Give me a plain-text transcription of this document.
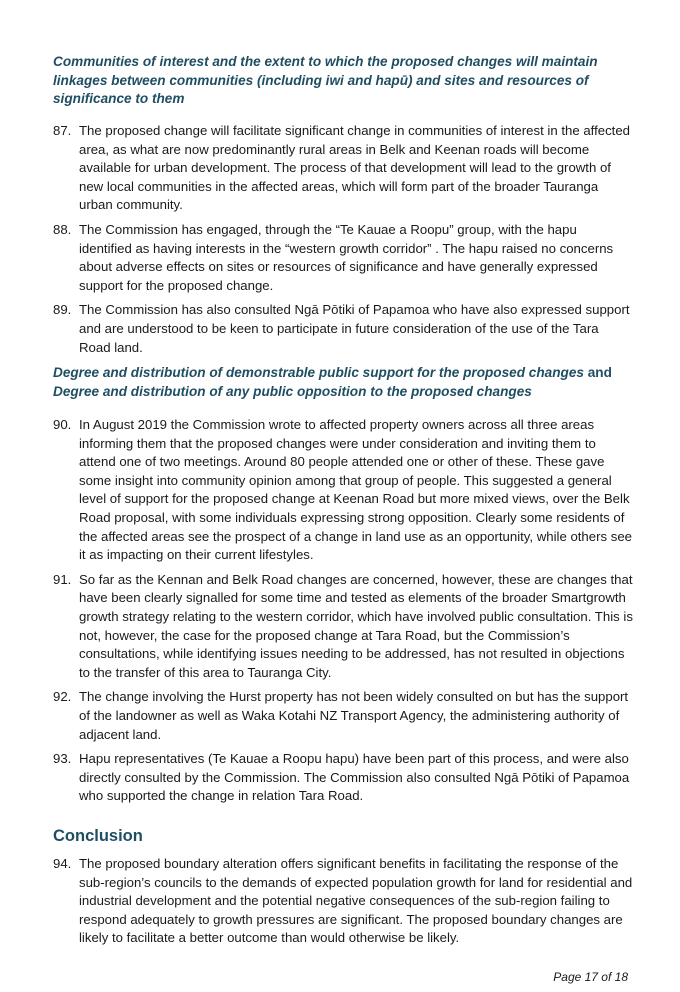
Communities of interest and the extent to which the proposed changes will maintain linkages between communities (including iwi and hapū) and sites and resources of significance to them
87. The proposed change will facilitate significant change in communities of interest in the affected area, as what are now predominantly rural areas in Belk and Keenan roads will become available for urban development. The process of that development will lead to the growth of new local communities in the affected areas, which will form part of the broader Tauranga urban community.
88. The Commission has engaged, through the “Te Kauae a Roopu” group, with the hapu identified as having interests in the “western growth corridor” . The hapu raised no concerns about adverse effects on sites or resources of significance and have generally expressed support for the proposed change.
89. The Commission has also consulted Ngā Pōtiki of Papamoa who have also expressed support and are understood to be keen to participate in future consideration of the use of the Tara Road land.
Degree and distribution of demonstrable public support for the proposed changes and Degree and distribution of any public opposition to the proposed changes
90. In August 2019 the Commission wrote to affected property owners across all three areas informing them that the proposed changes were under consideration and inviting them to attend one of two meetings. Around 80 people attended one or other of these. These gave some insight into community opinion among that group of people. This suggested a general level of support for the proposed change at Keenan Road but more mixed views, over the Belk Road proposal, with some individuals expressing strong opposition. Clearly some residents of the affected areas see the prospect of a change in land use as an opportunity, while others see it as impacting on their current lifestyles.
91. So far as the Kennan and Belk Road changes are concerned, however, these are changes that have been clearly signalled for some time and tested as elements of the broader Smartgrowth growth strategy relating to the western corridor, which have involved public consultation. This is not, however, the case for the proposed change at Tara Road, but the Commission’s consultations, while identifying issues needing to be addressed, has not resulted in objections to the transfer of this area to Tauranga City.
92. The change involving the Hurst property has not been widely consulted on but has the support of the landowner as well as Waka Kotahi NZ Transport Agency, the administering authority of adjacent land.
93. Hapu representatives (Te Kauae a Roopu hapu) have been part of this process, and were also directly consulted by the Commission. The Commission also consulted Ngā Pōtiki of Papamoa who supported the change in relation Tara Road.
Conclusion
94. The proposed boundary alteration offers significant benefits in facilitating the response of the sub-region’s councils to the demands of expected population growth for land for residential and industrial development and the potential negative consequences of the sub-region failing to respond adequately to growth pressures are significant. The proposed boundary changes are likely to facilitate a better outcome than would otherwise be likely.
Page 17 of 18
